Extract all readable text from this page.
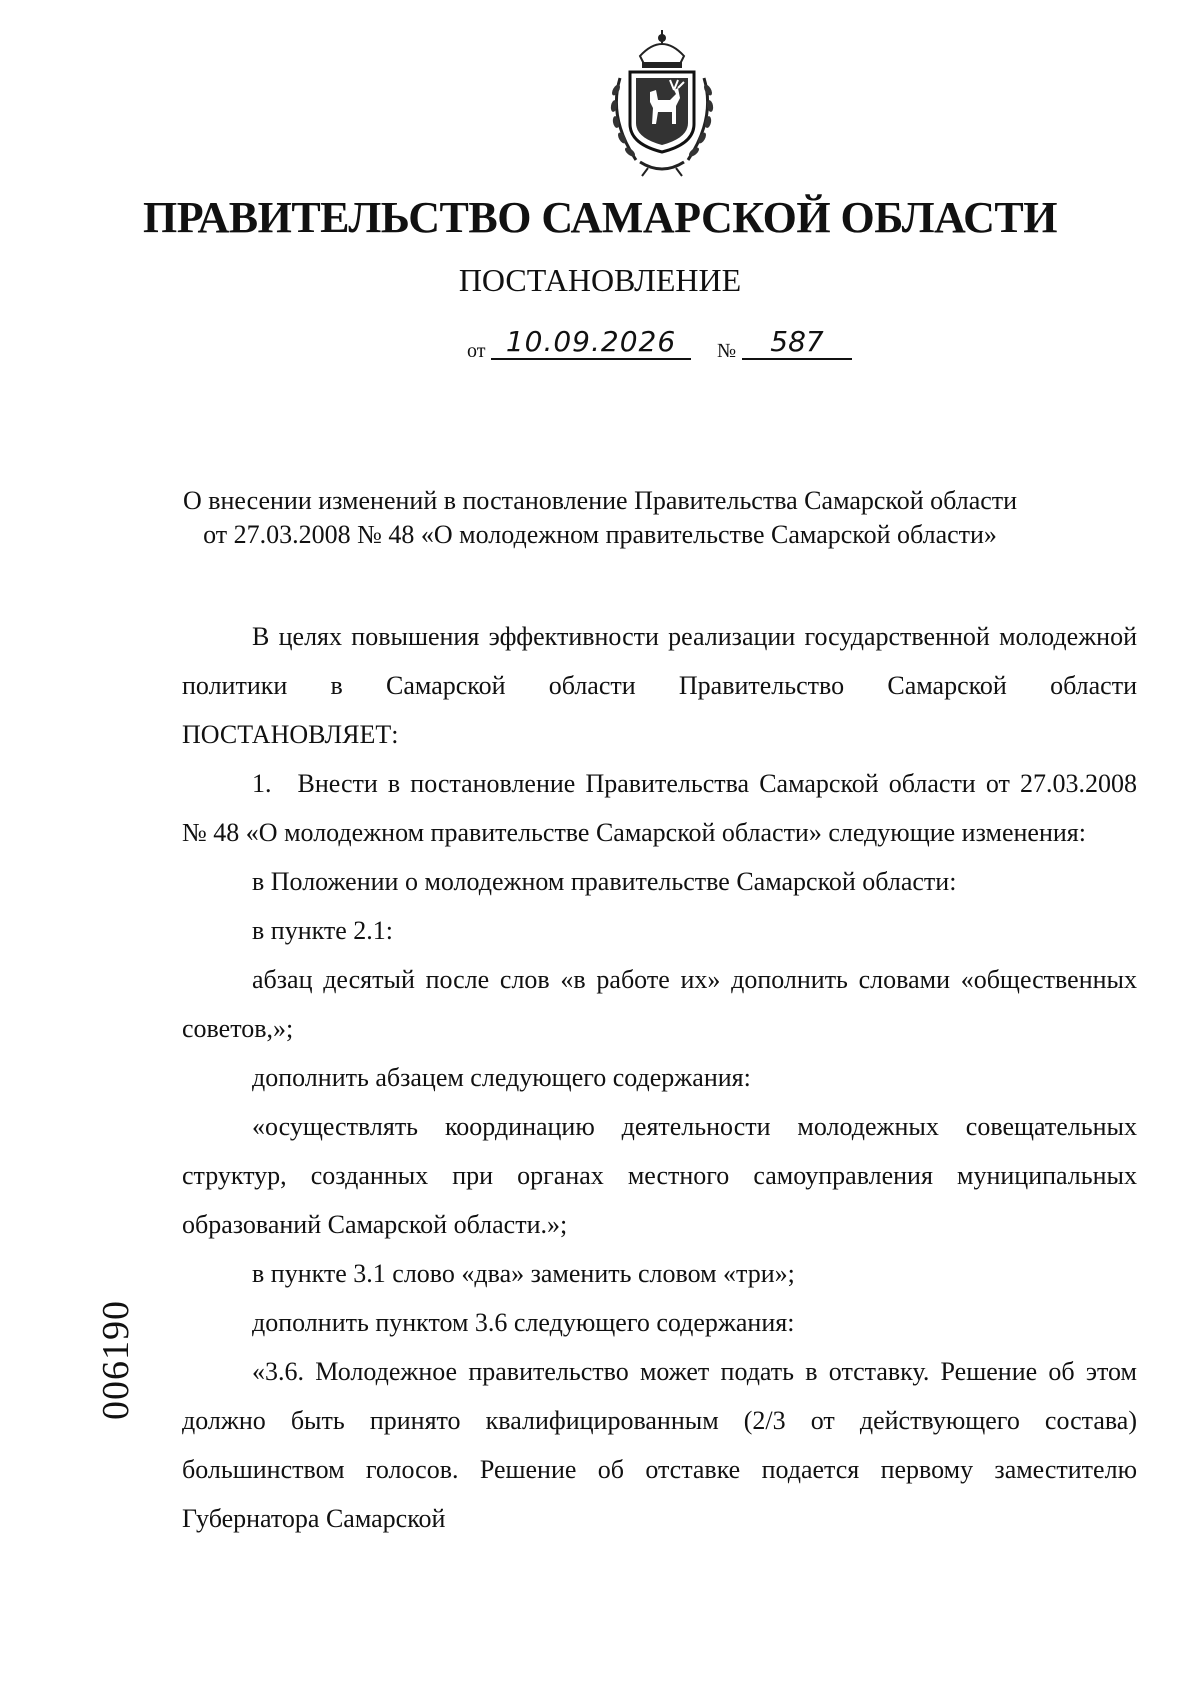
ПРАВИТЕЛЬСТВО САМАРСКОЙ ОБЛАСТИ
ПОСТАНОВЛЕНИЕ
от 10.09.2026	№	587
О внесении изменений в постановление Правительства Самарской области
от 27.03.2008 № 48 «О молодежном правительстве Самарской области»

В целях повышения эффективности реализации государственной молодежной политики в Самарской области Правительство Самарской области ПОСТАНОВЛЯЕТ:

1. Внести в постановление Правительства Самарской области от 27.03.2008 № 48 «О молодежном правительстве Самарской области» следующие изменения:

в Положении о молодежном правительстве Самарской области:

в пункте 2.1:

абзац десятый после слов «в работе их» дополнить словами «общественных советов,»;

дополнить абзацем следующего содержания:

«осуществлять координацию деятельности молодежных совещательных структур, созданных при органах местного самоуправления муниципальных образований Самарской области.»;

в пункте 3.1 слово «два» заменить словом «три»;

дополнить пунктом 3.6 следующего содержания:

«3.6. Молодежное правительство может подать в отставку. Решение об этом должно быть принято квалифицированным (2/3 от действующего состава) большинством голосов. Решение об отставке подается первому заместителю Губернатора Самарской

006190
